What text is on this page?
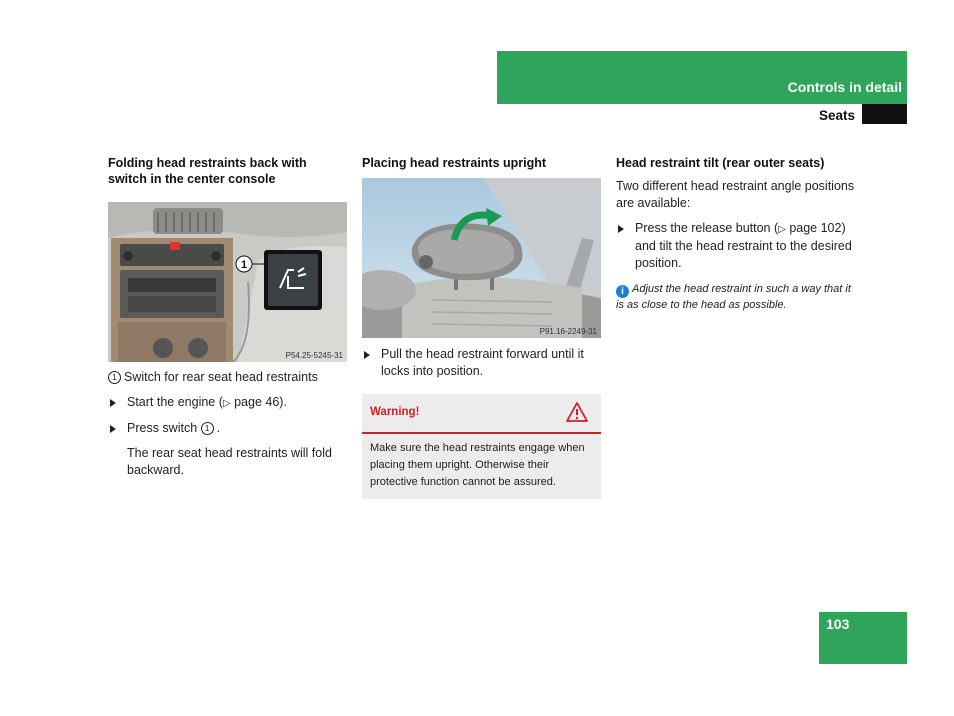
Controls in detail
Seats
Folding head restraints back with switch in the center console
1
P54.25-5245-31

1 Switch for rear seat head restraints

Start the engine (▷ page 46).

Press switch 1 .

The rear seat head restraints will fold backward.

Placing head restraints upright
P91.16-2249-31

Pull the head restraint forward until it locks into position.

Warning!
Make sure the head restraints engage when placing them upright. Otherwise their protective function cannot be assured.
Head restraint tilt (rear outer seats)

Two different head restraint angle positions are available:

Press the release button (▷ page 102) and tilt the head restraint to the desired position.

i Adjust the head restraint in such a way that it is as close to the head as possible.

103
